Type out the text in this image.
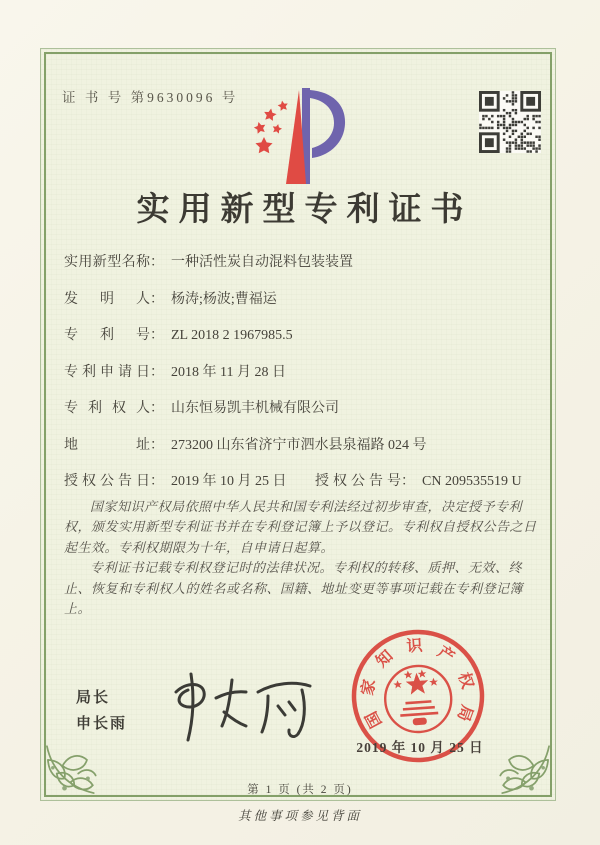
证 书 号 第9630096 号
实用新型专利证书
实用新型名称： 一种活性炭自动混料包装装置
发明人： 杨涛;杨波;曹福运
专利号： ZL 2018 2 1967985.5
专利申请日： 2018 年 11 月 28 日
专利权人： 山东恒易凯丰机械有限公司
地址： 273200 山东省济宁市泗水县泉福路 024 号
授权公告日： 2019 年 10 月 25 日 授权公告号： CN 209535519 U

国家知识产权局依照中华人民共和国专利法经过初步审查，决定授予专利权，颁发实用新型专利证书并在专利登记簿上予以登记。专利权自授权公告之日起生效。专利权期限为十年，自申请日起算。

专利证书记载专利权登记时的法律状况。专利权的转移、质押、无效、终止、恢复和专利权人的姓名或名称、国籍、地址变更等事项记载在专利登记簿上。

局长
申长雨	国
家
知
识 产
权
局
2019 年 10 月 25 日
第 1 页 (共 2 页)
其他事项参见背面
